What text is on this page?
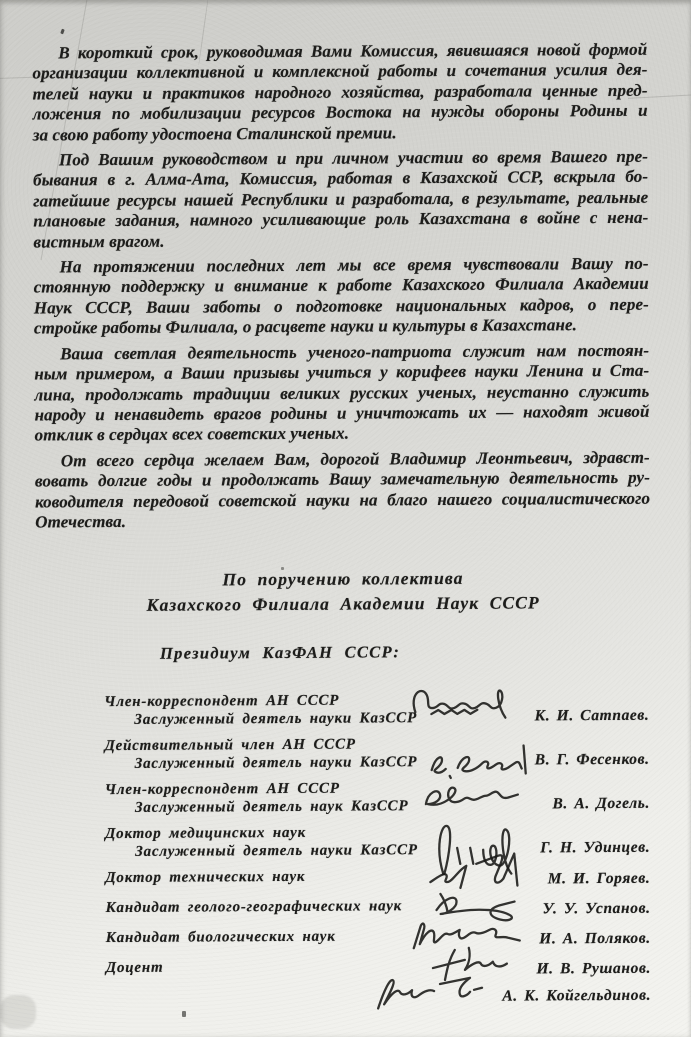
В короткий срок, руководимая Вами Комиссия, явившаяся новой формой
организации коллективной и комплексной работы и сочетания усилия дея-
телей науки и практиков народного хозяйства, разработала ценные пред-
ложения по мобилизации ресурсов Востока на нужды обороны Родины и
за свою работу удостоена Сталинской премии.
Под Вашим руководством и при личном участии во время Вашего пре-
бывания в г. Алма-Ата, Комиссия, работая в Казахской ССР, вскрыла бо-
гатейшие ресурсы нашей Республики и разработала, в результате, реальные
плановые задания, намного усиливающие роль Казахстана в войне с нена-
вистным врагом.
На протяжении последних лет мы все время чувствовали Вашу по-
стоянную поддержку и внимание к работе Казахского Филиала Академии
Наук СССР, Ваши заботы о подготовке национальных кадров, о пере-
стройке работы Филиала, о расцвете науки и культуры в Казахстане.
Ваша светлая деятельность ученого-патриота служит нам постоян-
ным примером, а Ваши призывы учиться у корифеев науки Ленина и Ста-
лина, продолжать традиции великих русских ученых, неустанно служить
народу и ненавидеть врагов родины и уничтожать их — находят живой
отклик в сердцах всех советских ученых.
От всего сердца желаем Вам, дорогой Владимир Леонтьевич, здравст-
вовать долгие годы и продолжать Вашу замечательную деятельность ру-
ководителя передовой советской науки на благо нашего социалистического
Отечества.
По поручению коллектива
Казахского Филиала Академии Наук СССР
Президиум КазФАН СССР:
Член-корреспондент АН СССР
Заслуженный деятель науки КазССР	К. И. Сатпаев.
Действительный член АН СССР
Заслуженный деятель науки КазССР	В. Г. Фесенков.
Член-корреспондент АН СССР
Заслуженный деятель наук КазССР	В. А. Догель.
Доктор медицинских наук
Заслуженный деятель науки КазССР	Г. Н. Удинцев.
Доктор технических наук	М. И. Горяев.
Кандидат геолого-географических наук	У. У. Успанов.
Кандидат биологических наук	И. А. Поляков.
Доцент	И. В. Рушанов.
А. К. Койгельдинов.
